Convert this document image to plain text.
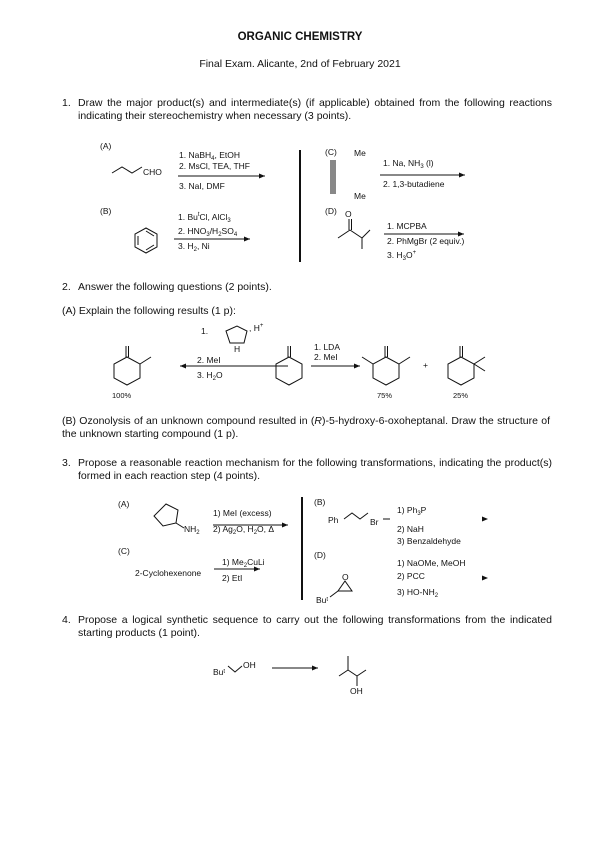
ORGANIC CHEMISTRY
Final Exam. Alicante, 2nd of February 2021
1. Draw the major product(s) and intermediate(s) (if applicable) obtained from the following reactions indicating their stereochemistry when necessary (3 points).
(A)
CHO
1. NaBH$_4$, EtOH
2. MsCl, TEA, THF
3. NaI, DMF
(C) Me
Me
1. Na, $NH_3$ (l)
2. 1,3-butadiene
(B)
1. Bu$^t$Cl, AlCl$_3$
2. $HNO_3/H_2SO_4$
3. $H_2$, Ni
(D) O
1. MCPBA
2. PhMgBr (2 equiv.)
3. $H_3O^+$
2. Answer the following questions (2 points).
(A) Explain the following results (1 p):
1.	, H+
H
2. MeI
3. $H_2O$
1. LDA
2. MeI
+
100%	75%	25%
(B) Ozonolysis of an unknown compound resulted in (R)-5-hydroxy-6-oxoheptanal. Draw the structure of the unknown starting compound (1 p).
3. Propose a reasonable reaction mechanism for the following transformations, indicating the product(s) formed in each reaction step (4 points).
(A)
$NH_2$
1) MeI (excess)
2) $Ag_2O$, $H_2O$, Δ
(B)
Ph	Br
1) $Ph_3P$
2) NaH
3) Benzaldehyde
(C)
2-Cyclohexenone
1) $Me_2CuLi$
2) EtI
(D)
O
Buᵗ
1) NaOMe, MeOH
2) PCC
3) $HO-NH_2$
4. Propose a logical synthetic sequence to carry out the following transformations from the indicated starting products (1 point).
Buᵗ
OH
OH
